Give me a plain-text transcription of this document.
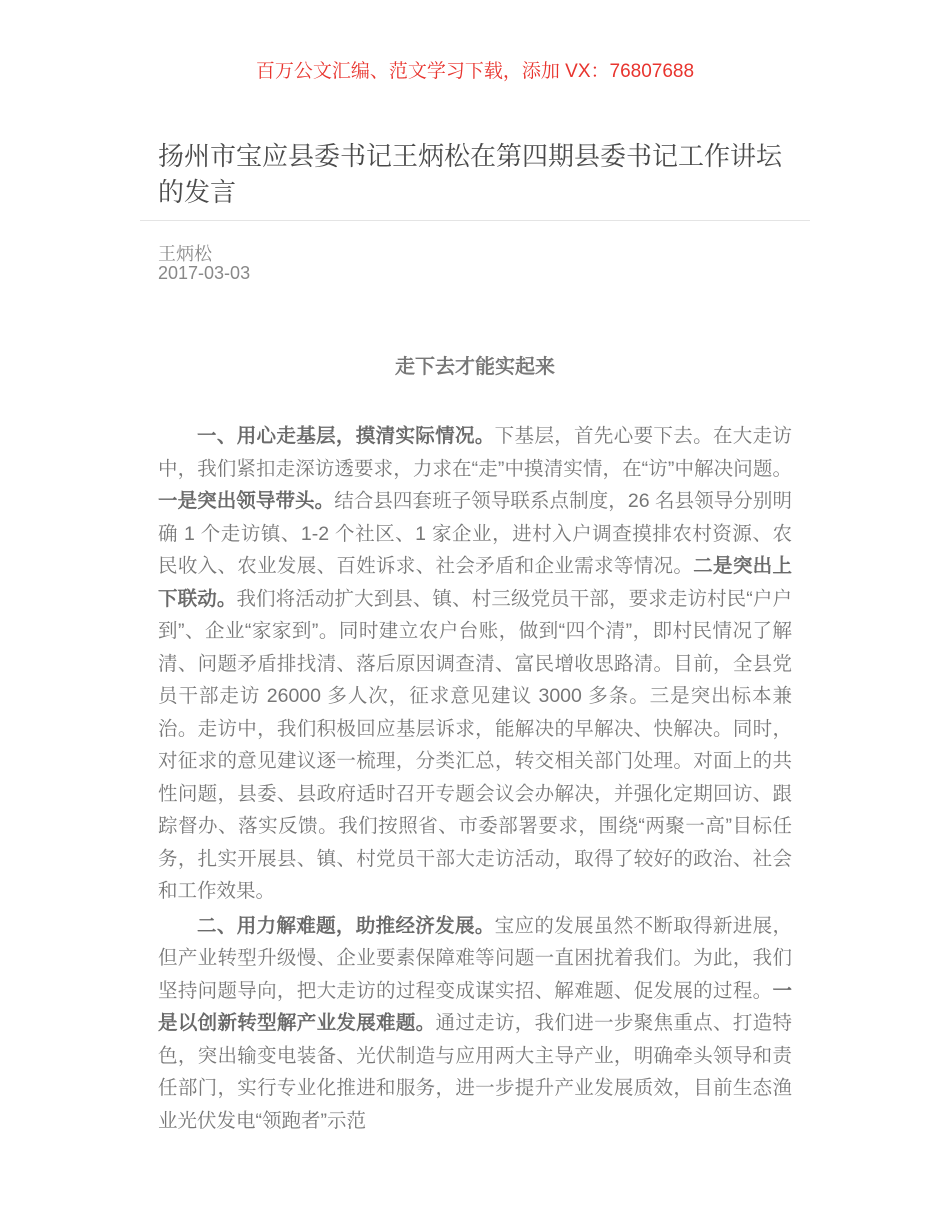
百万公文汇编、范文学习下载，添加 VX：76807688
扬州市宝应县委书记王炳松在第四期县委书记工作讲坛的发言
王炳松
2017-03-03
走下去才能实起来

一、用心走基层，摸清实际情况。下基层，首先心要下去。在大走访中，我们紧扣走深访透要求，力求在“走”中摸清实情，在“访”中解决问题。一是突出领导带头。结合县四套班子领导联系点制度，26 名县领导分别明确 1 个走访镇、1-2 个社区、1 家企业，进村入户调查摸排农村资源、农民收入、农业发展、百姓诉求、社会矛盾和企业需求等情况。二是突出上下联动。我们将活动扩大到县、镇、村三级党员干部，要求走访村民“户户到”、企业“家家到”。同时建立农户台账，做到“四个清”，即村民情况了解清、问题矛盾排找清、落后原因调查清、富民增收思路清。目前，全县党员干部走访 26000 多人次，征求意见建议 3000 多条。三是突出标本兼治。走访中，我们积极回应基层诉求，能解决的早解决、快解决。同时，对征求的意见建议逐一梳理，分类汇总，转交相关部门处理。对面上的共性问题，县委、县政府适时召开专题会议会办解决，并强化定期回访、跟踪督办、落实反馈。我们按照省、市委部署要求，围绕“两聚一高”目标任务，扎实开展县、镇、村党员干部大走访活动，取得了较好的政治、社会和工作效果。

二、用力解难题，助推经济发展。宝应的发展虽然不断取得新进展，但产业转型升级慢、企业要素保障难等问题一直困扰着我们。为此，我们坚持问题导向，把大走访的过程变成谋实招、解难题、促发展的过程。一是以创新转型解产业发展难题。通过走访，我们进一步聚焦重点、打造特色，突出输变电装备、光伏制造与应用两大主导产业，明确牵头领导和责任部门，实行专业化推进和服务，进一步提升产业发展质效，目前生态渔业光伏发电“领跑者”示范
